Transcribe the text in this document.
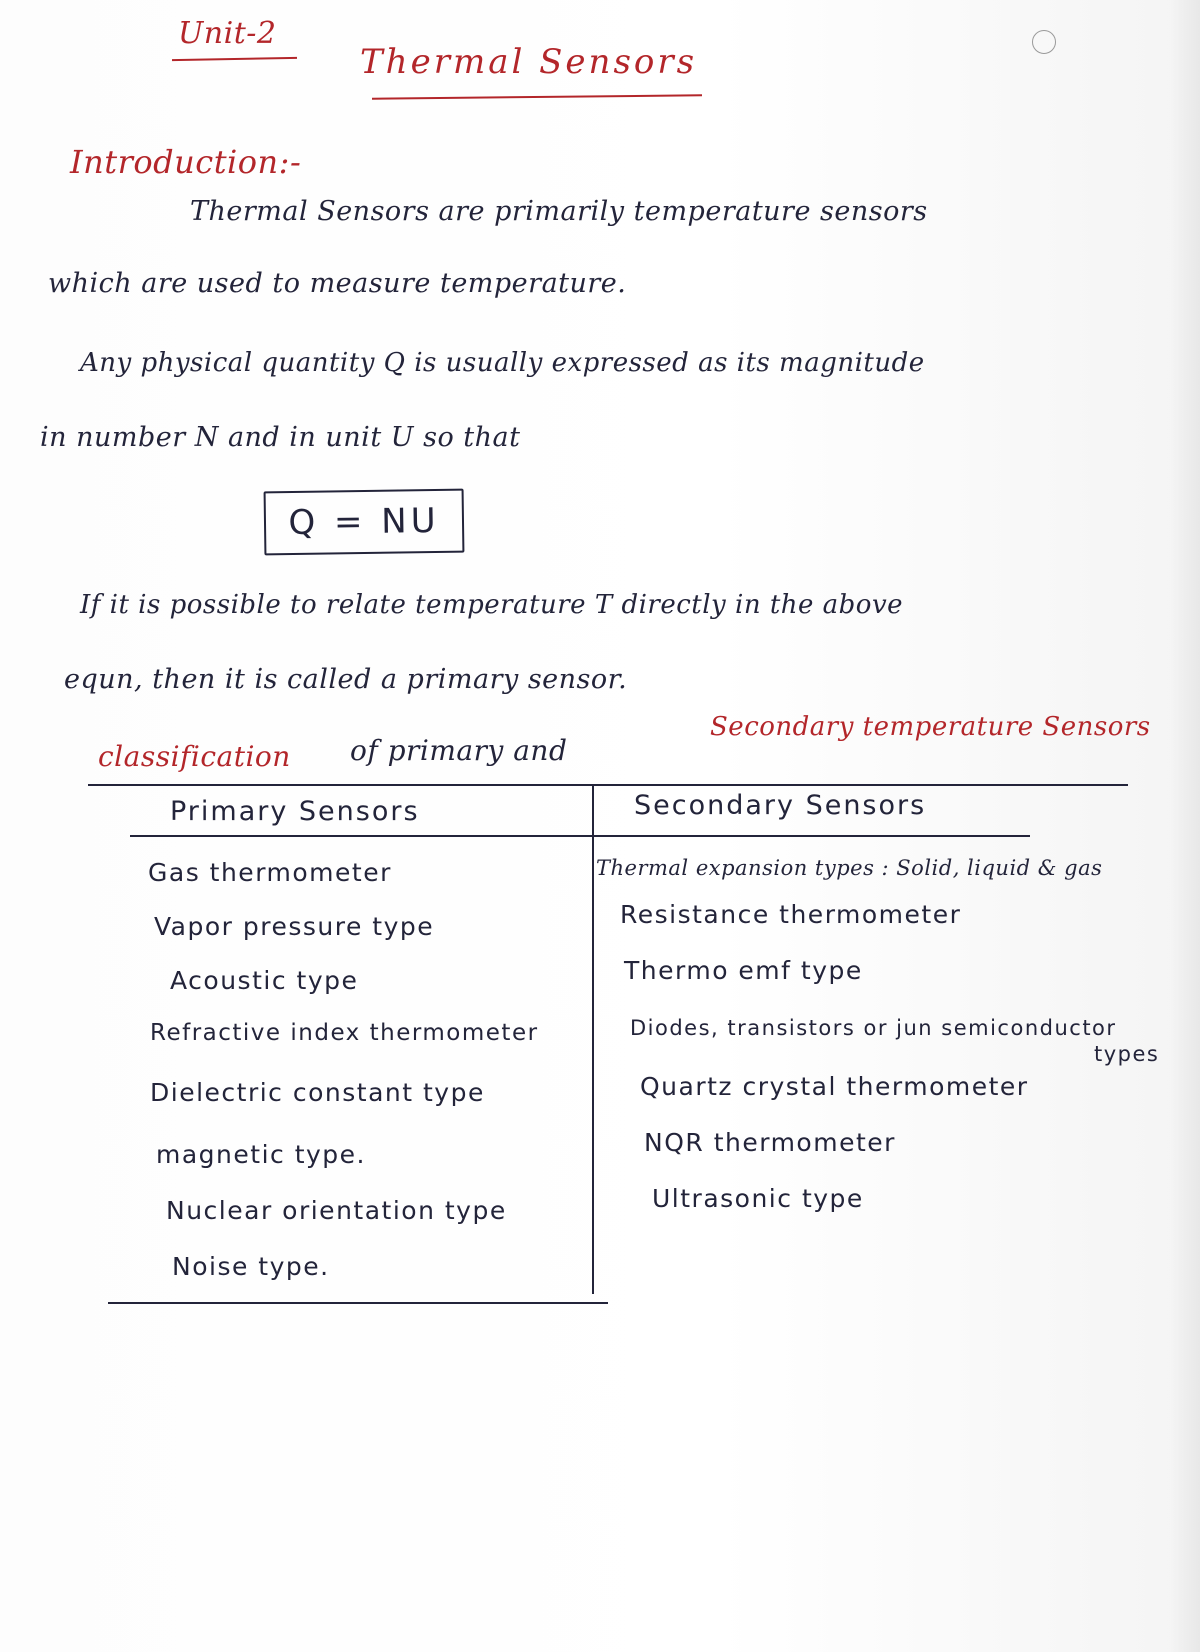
Unit-2
Thermal Sensors
Introduction:-
Thermal Sensors are primarily temperature sensors
which are used to measure temperature.
Any physical quantity Q is usually expressed as its magnitude
in number N and in unit U so that
Q = NU
If it is possible to relate temperature T directly in the above
equn, then it is called a primary sensor.
classification of primary and
Secondary temperature Sensors
Primary Sensors	Secondary Sensors
Gas thermometer
Vapor pressure type
Acoustic type
Refractive index thermometer
Dielectric constant type
magnetic type.
Nuclear orientation type
Noise type.
Thermal expansion types : Solid, liquid & gas
Resistance thermometer
Thermo emf type
Diodes, transistors or jun semiconductor
types
Quartz crystal thermometer
NQR thermometer
Ultrasonic type
